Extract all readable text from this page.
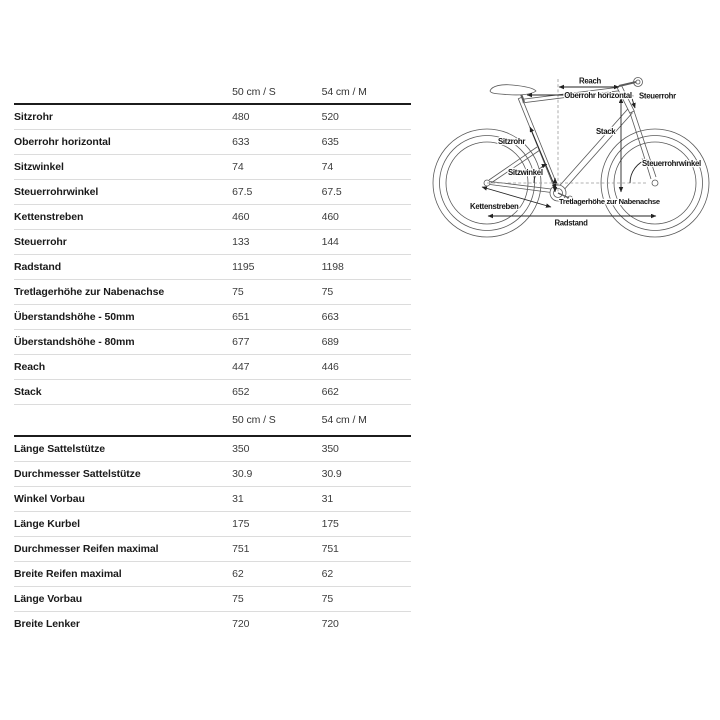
50 cm / S	54 cm / M
Sitzrohr	480	520
Oberrohr horizontal	633	635
Sitzwinkel	74	74
Steuerrohrwinkel	67.5	67.5
Kettenstreben	460	460
Steuerrohr	133	144
Radstand	1195	1198
Tretlagerhöhe zur Nabenachse	75	75
Überstandshöhe - 50mm	651	663
Überstandshöhe - 80mm	677	689
Reach	447	446
Stack	652	662
50 cm / S	54 cm / M
Länge Sattelstütze	350	350
Durchmesser Sattelstütze	30.9	30.9
Winkel Vorbau	31	31
Länge Kurbel	175	175
Durchmesser Reifen maximal	751	751
Breite Reifen maximal	62	62
Länge Vorbau	75	75
Breite Lenker	720	720
Reach
Oberrohr horizontal Steuerrohr
Stack
Sitzrohr
Sitzwinkel
Steuerrohrwinkel
Tretlagerhöhe zur Nabenachse
Kettenstreben
Radstand
